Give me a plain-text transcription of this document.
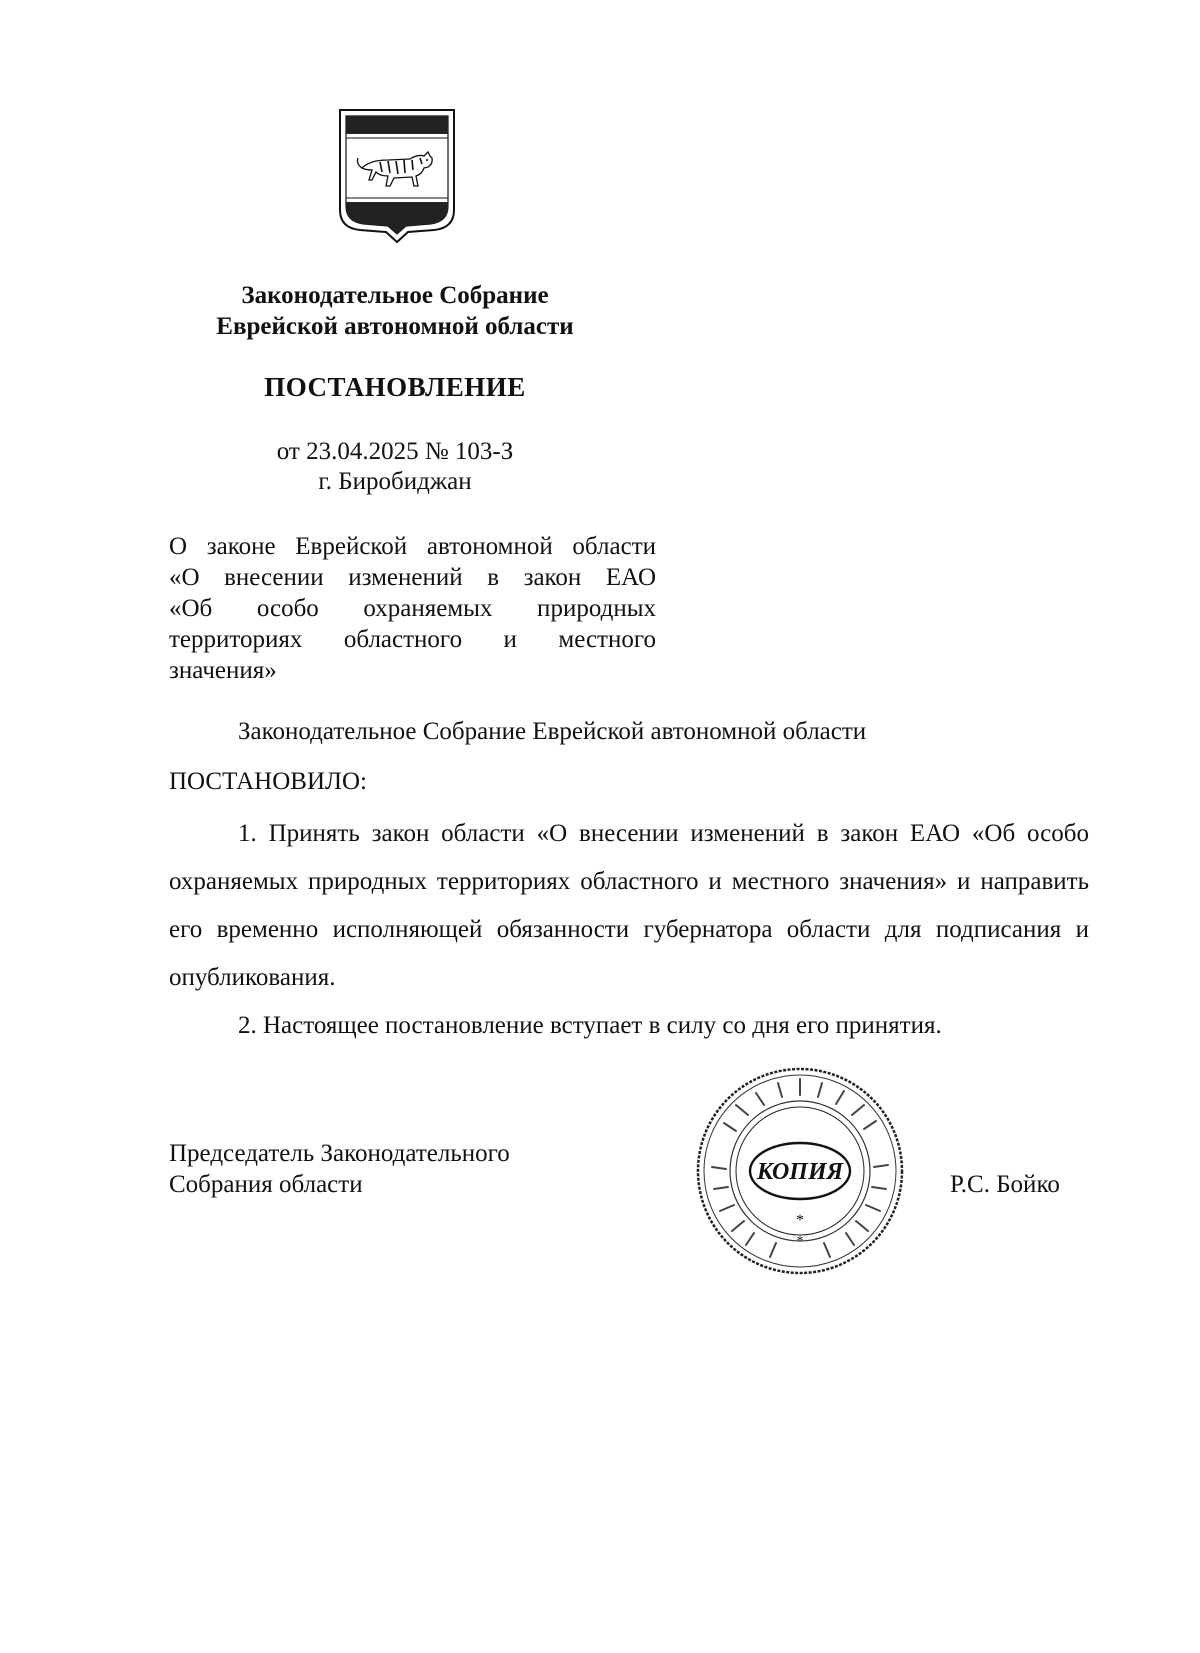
Законодательное Собрание
Еврейской автономной области
ПОСТАНОВЛЕНИЕ
от 23.04.2025 № 103-З
г. Биробиджан
О законе Еврейской автономной области
«О внесении изменений в закон ЕАО
«Об особо охраняемых природных
территориях областного и местного
значения»
Законодательное Собрание Еврейской автономной области
ПОСТАНОВИЛО:

1. Принять закон области «О внесении изменений в закон ЕАО «Об особо охраняемых природных территориях областного и местного значения» и направить его временно исполняющей обязанности губернатора области для подписания и опубликования.

2. Настоящее постановление вступает в силу со дня его принятия.

Председатель Законодательного
Собрания области	Р.С. Бойко
КОПИЯ
*
*
